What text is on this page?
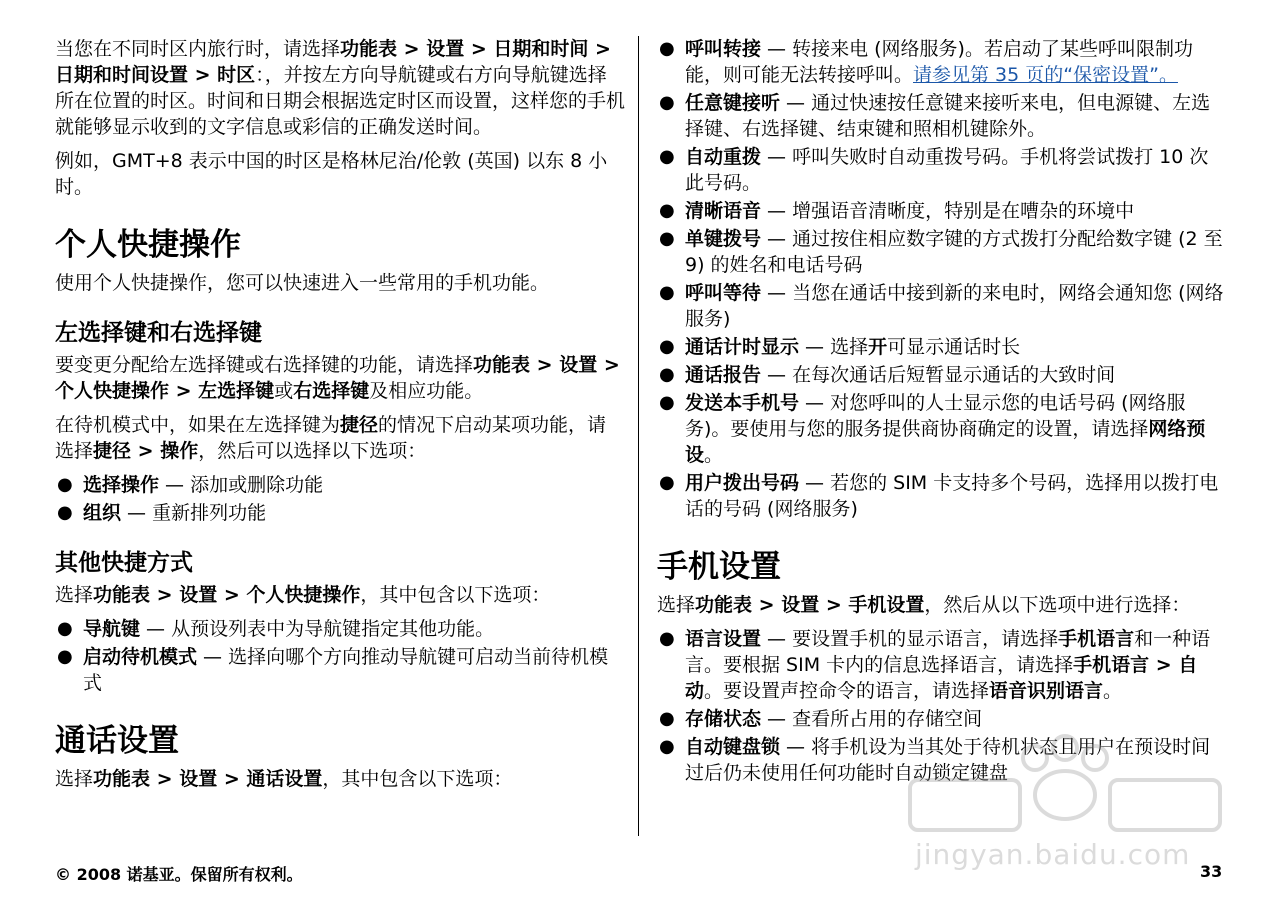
当您在不同时区内旅行时，请选择功能表 > 设置 > 日期和时间 > 日期和时间设置 > 时区：，并按左方向导航键或右方向导航键选择所在位置的时区。时间和日期会根据选定时区而设置，这样您的手机就能够显示收到的文字信息或彩信的正确发送时间。

例如，GMT+8 表示中国的时区是格林尼治/伦敦 (英国) 以东 8 小时。

个人快捷操作

使用个人快捷操作，您可以快速进入一些常用的手机功能。

左选择键和右选择键

要变更分配给左选择键或右选择键的功能，请选择功能表 > 设置 > 个人快捷操作 > 左选择键或右选择键及相应功能。

在待机模式中，如果在左选择键为捷径的情况下启动某项功能，请选择捷径 > 操作，然后可以选择以下选项：

● 选择操作 — 添加或删除功能
● 组织 — 重新排列功能
其他快捷方式

选择功能表 > 设置 > 个人快捷操作，其中包含以下选项：

● 导航键 — 从预设列表中为导航键指定其他功能。
● 启动待机模式 — 选择向哪个方向推动导航键可启动当前待机模式
通话设置

选择功能表 > 设置 > 通话设置，其中包含以下选项：

● 呼叫转接 — 转接来电 (网络服务)。若启动了某些呼叫限制功能，则可能无法转接呼叫。请参见第 35 页的“保密设置”。
● 任意键接听 — 通过快速按任意键来接听来电，但电源键、左选择键、右选择键、结束键和照相机键除外。
● 自动重拨 — 呼叫失败时自动重拨号码。手机将尝试拨打 10 次此号码。
● 清晰语音 — 增强语音清晰度，特别是在嘈杂的环境中
● 单键拨号 — 通过按住相应数字键的方式拨打分配给数字键 (2 至 9) 的姓名和电话号码
● 呼叫等待 — 当您在通话中接到新的来电时，网络会通知您 (网络服务)
● 通话计时显示 — 选择开可显示通话时长
● 通话报告 — 在每次通话后短暂显示通话的大致时间
● 发送本手机号 — 对您呼叫的人士显示您的电话号码 (网络服务)。要使用与您的服务提供商协商确定的设置，请选择网络预设。
● 用户拨出号码 — 若您的 SIM 卡支持多个号码，选择用以拨打电话的号码 (网络服务)
手机设置

选择功能表 > 设置 > 手机设置，然后从以下选项中进行选择：

● 语言设置 — 要设置手机的显示语言，请选择手机语言和一种语言。要根据 SIM 卡内的信息选择语言，请选择手机语言 > 自动。要设置声控命令的语言，请选择语音识别语言。
● 存储状态 — 查看所占用的存储空间
● 自动键盘锁 — 将手机设为当其处于待机状态且用户在预设时间过后仍未使用任何功能时自动锁定键盘
jingyan.baidu.com
© 2008 诺基亚。保留所有权利。	33
